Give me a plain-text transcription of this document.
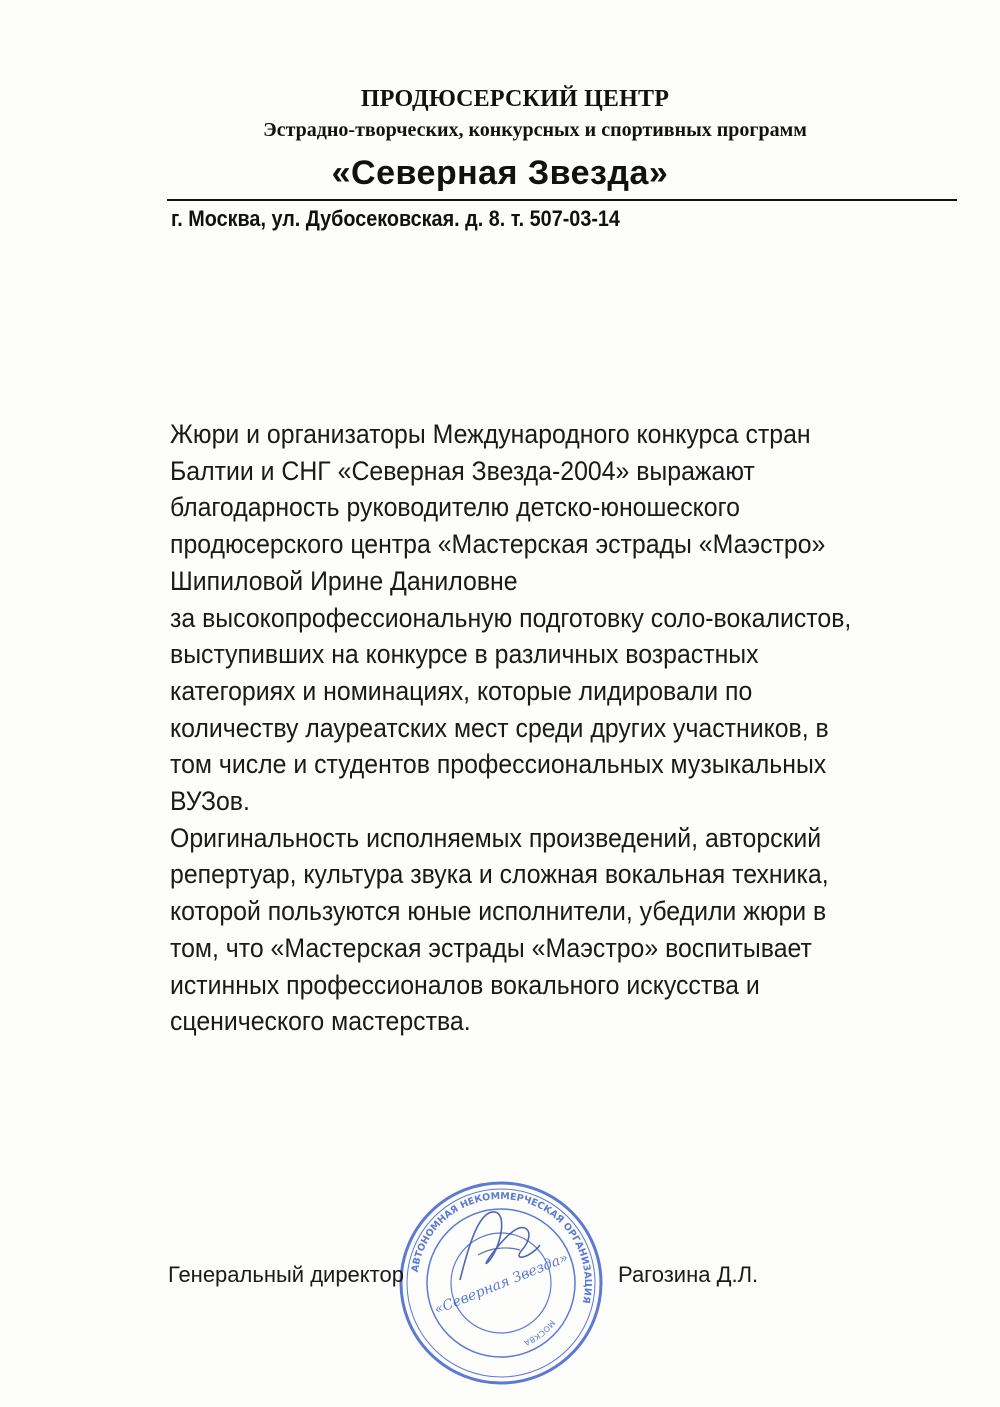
ПРОДЮСЕРСКИЙ ЦЕНТР
Эстрадно-творческих, конкурсных и спортивных программ
«Северная Звезда»
г. Москва, ул. Дубосековская. д. 8. т. 507-03-14
Жюри и организаторы Международного конкурса стран
Балтии и СНГ «Северная Звезда-2004» выражают
благодарность руководителю детско-юношеского
продюсерского центра «Мастерская эстрады «Маэстро»
Шипиловой Ирине Даниловне
за высокопрофессиональную подготовку соло-вокалистов,
выступивших на конкурсе в различных возрастных
категориях и номинациях, которые лидировали по
количеству лауреатских мест среди других участников, в
том числе и студентов профессиональных музыкальных
ВУЗов.
Оригинальность исполняемых произведений, авторский
репертуар, культура звука и сложная вокальная техника,
которой пользуются юные исполнители, убедили жюри в
том, что «Мастерская эстрады «Маэстро» воспитывает
истинных профессионалов вокального искусства и
сценического мастерства.
АВТОНОМНАЯ НЕКОММЕРЧЕСКАЯ ОРГАНИЗАЦИЯ
МОСКВА
«Северная Звезда»
Генеральный директор	Рагозина Д.Л.
